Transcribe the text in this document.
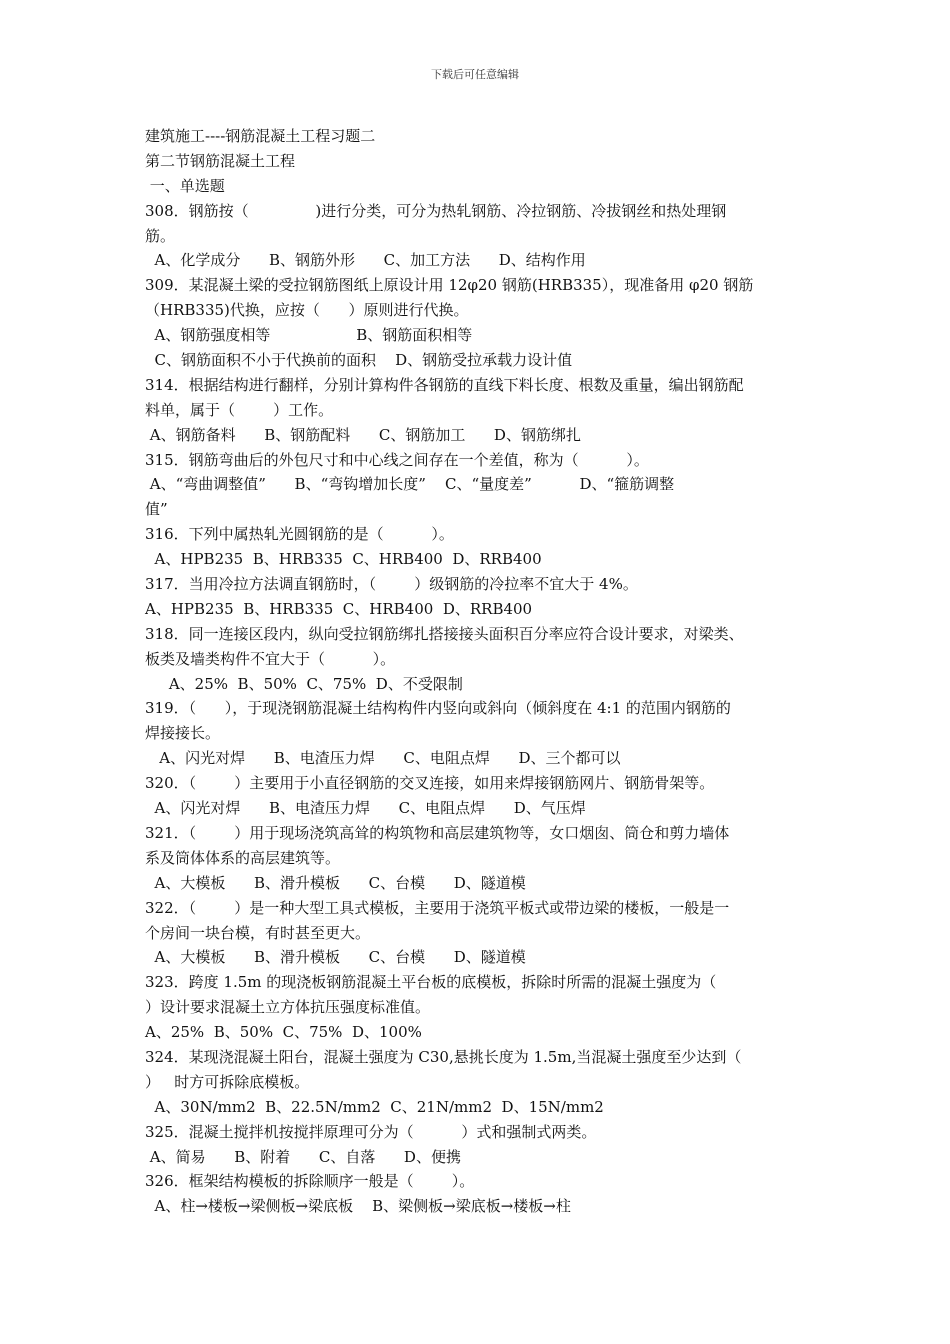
下载后可任意编辑
建筑施工----钢筋混凝土工程习题二
第二节钢筋混凝土工程
一、单选题
308．钢筋按（              )进行分类，可分为热轧钢筋、冷拉钢筋、冷拔钢丝和热处理钢
筋。
A、化学成分      B、钢筋外形      C、加工方法      D、结构作用
309．某混凝土梁的受拉钢筋图纸上原设计用 12φ20 钢筋(HRB335），现准备用 φ20 钢筋
（HRB335)代换，应按（      ）原则进行代换。
A、钢筋强度相等                  B、钢筋面积相等
C、钢筋面积不小于代换前的面积    D、钢筋受拉承载力设计值
314．根据结构进行翻样，分别计算构件各钢筋的直线下料长度、根数及重量，编出钢筋配
料单，属于（        ）工作。
A、钢筋备料      B、钢筋配料      C、钢筋加工      D、钢筋绑扎
315．钢筋弯曲后的外包尺寸和中心线之间存在一个差值，称为（          ）。
A、“弯曲调整值”      B、“弯钩增加长度”    C、“量度差”          D、“箍筋调整
值”
316．下列中属热轧光圆钢筋的是（          ）。
A、HPB235  B、HRB335  C、HRB400  D、RRB400
317．当用冷拉方法调直钢筋时，（        ）级钢筋的冷拉率不宜大于 4%。
A、HPB235  B、HRB335  C、HRB400  D、RRB400
318．同一连接区段内，纵向受拉钢筋绑扎搭接接头面积百分率应符合设计要求，对梁类、
板类及墙类构件不宜大于（          ）。
A、25%  B、50%  C、75%  D、不受限制
319．（      ），于现浇钢筋混凝土结构构件内竖向或斜向（倾斜度在 4:1 的范围内钢筋的
焊接接长。
A、闪光对焊      B、电渣压力焊      C、电阻点焊      D、三个都可以
320．（        ）主要用于小直径钢筋的交叉连接，如用来焊接钢筋网片、钢筋骨架等。
A、闪光对焊      B、电渣压力焊      C、电阻点焊      D、气压焊
321．（        ）用于现场浇筑高耸的构筑物和高层建筑物等，女口烟囱、筒仓和剪力墙体
系及筒体体系的高层建筑等。
A、大模板      B、滑升模板      C、台模      D、隧道模
322．（        ）是一种大型工具式模板，主要用于浇筑平板式或带边梁的楼板，一般是一
个房间一块台模，有时甚至更大。
A、大模板      B、滑升模板      C、台模      D、隧道模
323．跨度 1.5m 的现浇板钢筋混凝土平台板的底模板，拆除时所需的混凝土强度为（
）设计要求混凝土立方体抗压强度标准值。
A、25%  B、50%  C、75%  D、100%
324．某现浇混凝土阳台，混凝土强度为 C30,悬挑长度为 1.5m,当混凝土强度至少达到（
）   时方可拆除底模板。
A、30N/mm2  B、22.5N/mm2  C、21N/mm2  D、15N/mm2
325．混凝土搅拌机按搅拌原理可分为（          ）式和强制式两类。
A、简易      B、附着      C、自落      D、便携
326．框架结构模板的拆除顺序一般是（        ）。
A、柱→楼板→梁侧板→梁底板    B、梁侧板→梁底板→楼板→柱
